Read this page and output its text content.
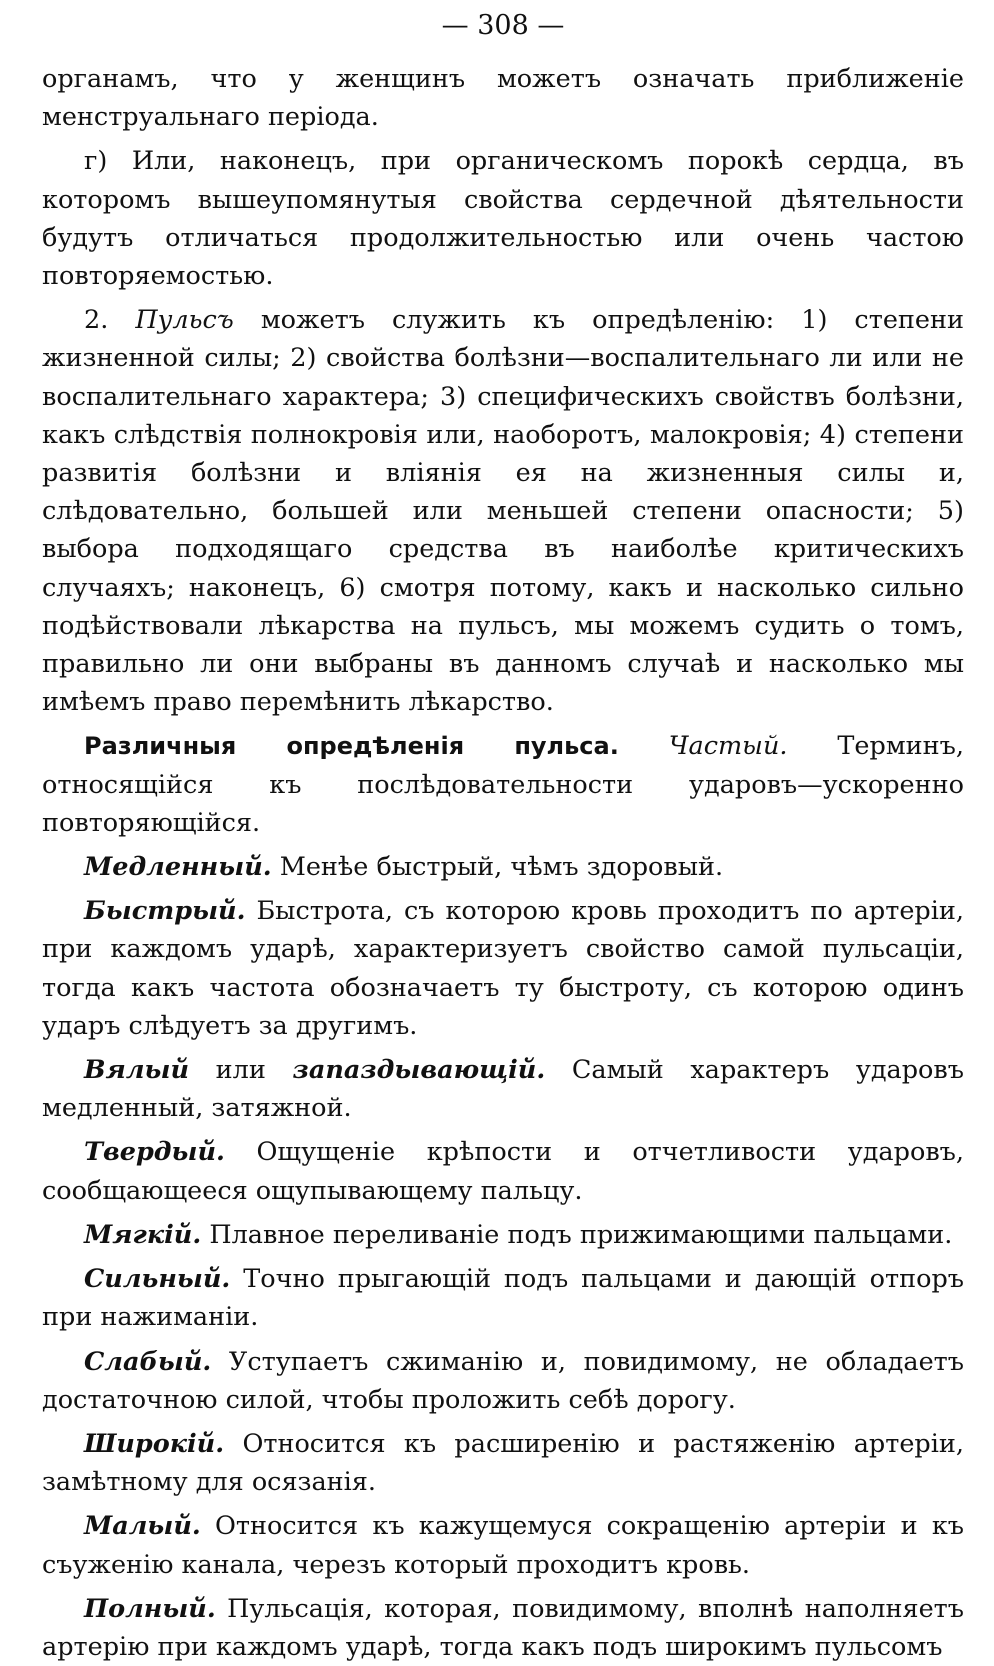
— 308 —

органамъ, что у женщинъ можетъ означать приближеніе менструальнаго періода.

г) Или, наконецъ, при органическомъ порокѣ сердца, въ которомъ вышеупомянутыя свойства сердечной дѣятельности будутъ отличаться продолжительностью или очень частою повторяемостью.

2. Пульсъ можетъ служить къ опредѣленію: 1) степени жизненной силы; 2) свойства болѣзни—воспалительнаго ли или не воспалительнаго характера; 3) специфическихъ свойствъ болѣзни, какъ слѣдствія полнокровія или, наоборотъ, малокровія; 4) степени развитія болѣзни и вліянія ея на жизненныя силы и, слѣдовательно, большей или меньшей степени опасности; 5) выбора подходящаго средства въ наиболѣе критическихъ случаяхъ; наконецъ, 6) смотря потому, какъ и насколько сильно подѣйствовали лѣкарства на пульсъ, мы можемъ судить о томъ, правильно ли они выбраны въ данномъ случаѣ и насколько мы имѣемъ право перемѣнить лѣкарство.

Различныя опредѣленія пульса. Частый. Терминъ, относящійся къ послѣдовательности ударовъ—ускоренно повторяющійся.

Медленный. Менѣе быстрый, чѣмъ здоровый.

Быстрый. Быстрота, съ которою кровь проходитъ по артеріи, при каждомъ ударѣ, характеризуетъ свойство самой пульсаціи, тогда какъ частота обозначаетъ ту быстроту, съ которою одинъ ударъ слѣдуетъ за другимъ.

Вялый или запаздывающій. Самый характеръ ударовъ медленный, затяжной.

Твердый. Ощущеніе крѣпости и отчетливости ударовъ, сообщающееся ощупывающему пальцу.

Мягкій. Плавное переливаніе подъ прижимающими пальцами.

Сильный. Точно прыгающій подъ пальцами и дающій отпоръ при нажиманіи.

Слабый. Уступаетъ сжиманію и, повидимому, не обладаетъ достаточною силой, чтобы проложить себѣ дорогу.

Широкій. Относится къ расширенію и растяженію артеріи, замѣтному для осязанія.

Малый. Относится къ кажущемуся сокращенію артеріи и къ съуженію канала, черезъ который проходитъ кровь.

Полный. Пульсація, которая, повидимому, вполнѣ наполняетъ артерію при каждомъ ударѣ, тогда какъ подъ широкимъ пульсомъ
